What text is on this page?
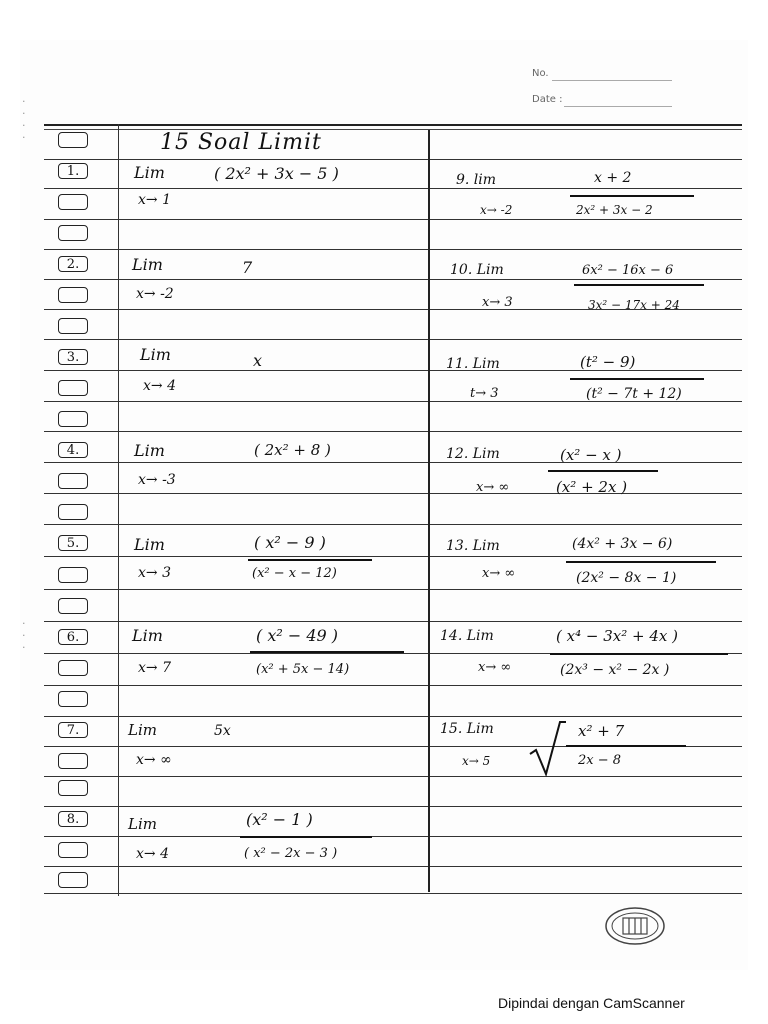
·
·
·
·
·
·
·
No.
Date :
1.
2.
3.
4.
5.
6.
7.
8.
15 Soal Limit
Lim	( 2x² + 3x − 5 )
x→ 1
Lim	7
x→ -2
Lim	x
x→ 4
Lim	( 2x² + 8 )
x→ -3
Lim	( x² − 9 )
(x² − x − 12)
x→ 3
Lim	( x² − 49 )
(x² + 5x − 14)
x→ 7
Lim	5x
x→ ∞
Lim	(x² − 1 )
( x² − 2x − 3 )
x→ 4
9. lim	x + 2
2x² + 3x − 2
x→ -2
10. Lim	6x² − 16x − 6
3x² − 17x + 24
x→ 3
11. Lim	(t² − 9)
(t² − 7t + 12)
t→ 3
12. Lim	(x² − x )
(x² + 2x )
x→ ∞
13. Lim	(4x² + 3x − 6)
(2x² − 8x − 1)
x→ ∞
14. Lim	( x⁴ − 3x² + 4x )
(2x³ − x² − 2x )
x→ ∞
15. Lim	x² + 7
2x − 8
x→ 5
Dipindai dengan CamScanner
